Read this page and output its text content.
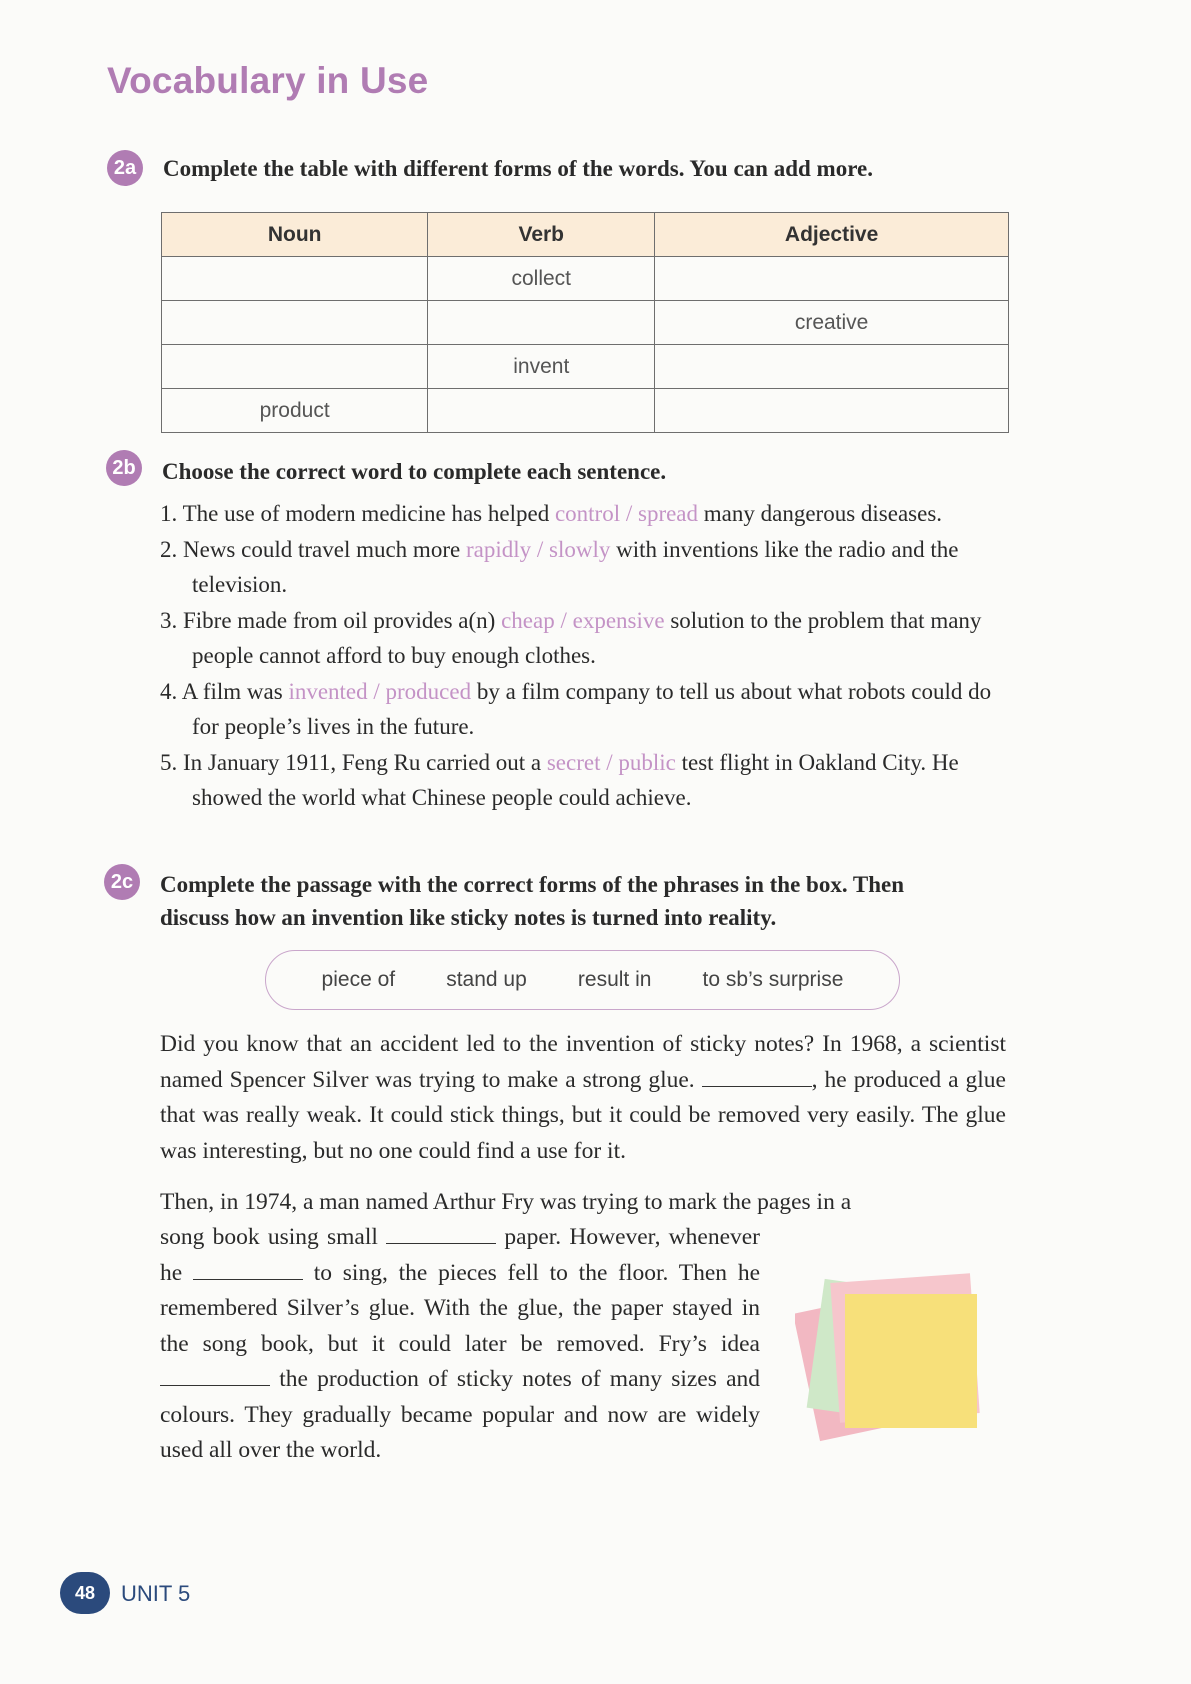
Vocabulary in Use
2a Complete the table with different forms of the words. You can add more.
Noun	Verb	Adjective
	collect	
		creative
	invent	
product		
2b Choose the correct word to complete each sentence.
1. The use of modern medicine has helped control / spread many dangerous diseases.
2. News could travel much more rapidly / slowly with inventions like the radio and the television.
3. Fibre made from oil provides a(n) cheap / expensive solution to the problem that many people cannot afford to buy enough clothes.
4. A film was invented / produced by a film company to tell us about what robots could do for people’s lives in the future.
5. In January 1911, Feng Ru carried out a secret / public test flight in Oakland City. He showed the world what Chinese people could achieve.
2c Complete the passage with the correct forms of the phrases in the box. Then
discuss how an invention like sticky notes is turned into reality.
piece of stand up result in to sb’s surprise

Did you know that an accident led to the invention of sticky notes? In 1968, a scientist named Spencer Silver was trying to make a strong glue.	, he produced a glue that was really weak. It could stick things, but it could be removed very easily. The glue was interesting, but no one could find a use for it.

Then, in 1974, a man named Arthur Fry was trying to mark the pages in a

song book using small	paper. However, whenever he	to sing, the pieces fell to the floor. Then he remembered Silver’s glue. With the glue, the paper stayed in the song book, but it could later be removed. Fry’s idea  the production of sticky notes of many sizes and colours. They gradually became popular and now are widely used all over the world.

48	UNIT 5
